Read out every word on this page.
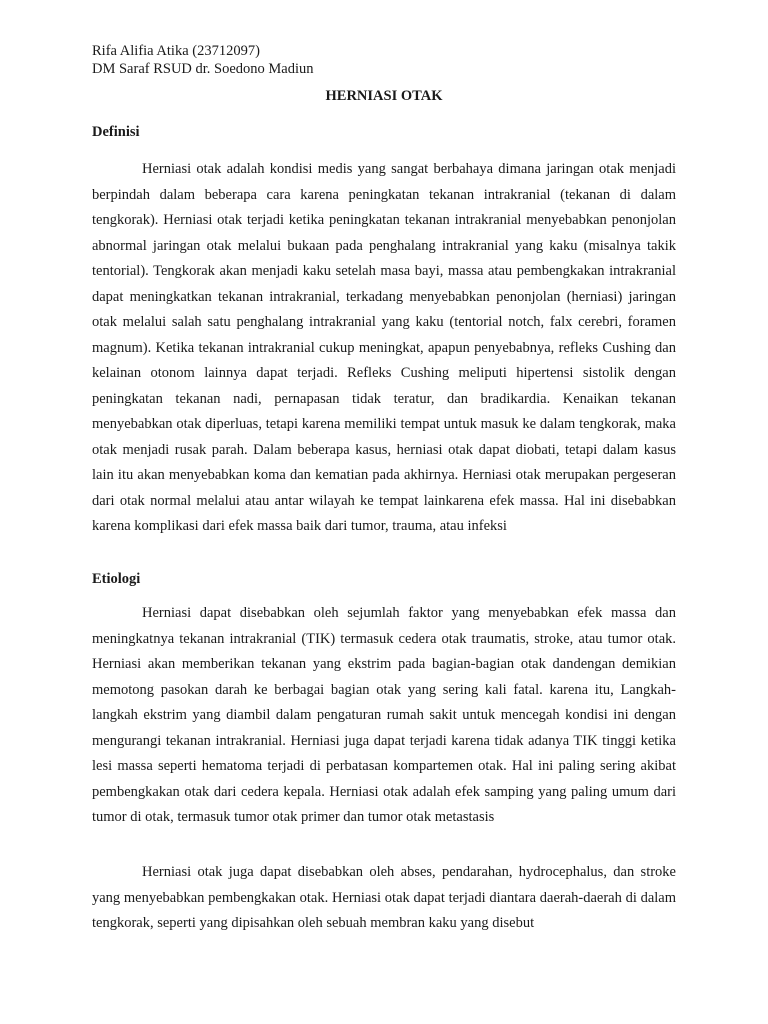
Rifa Alifia Atika (23712097)
DM Saraf RSUD dr. Soedono Madiun
HERNIASI OTAK
Definisi

Herniasi otak adalah kondisi medis yang sangat berbahaya dimana jaringan otak menjadi berpindah dalam beberapa cara karena peningkatan tekanan intrakranial (tekanan di dalam tengkorak). Herniasi otak terjadi ketika peningkatan tekanan intrakranial menyebabkan penonjolan abnormal jaringan otak melalui bukaan pada penghalang intrakranial yang kaku (misalnya takik tentorial). Tengkorak akan menjadi kaku setelah masa bayi, massa atau pembengkakan intrakranial dapat meningkatkan tekanan intrakranial, terkadang menyebabkan penonjolan (herniasi) jaringan otak melalui salah satu penghalang intrakranial yang kaku (tentorial notch, falx cerebri, foramen magnum). Ketika tekanan intrakranial cukup meningkat, apapun penyebabnya, refleks Cushing dan kelainan otonom lainnya dapat terjadi. Refleks Cushing meliputi hipertensi sistolik dengan peningkatan tekanan nadi, pernapasan tidak teratur, dan bradikardia. Kenaikan tekanan menyebabkan otak diperluas, tetapi karena memiliki tempat untuk masuk ke dalam tengkorak, maka otak menjadi rusak parah. Dalam beberapa kasus, herniasi otak dapat diobati, tetapi dalam kasus lain itu akan menyebabkan koma dan kematian pada akhirnya. Herniasi otak merupakan pergeseran dari otak normal melalui atau antar wilayah ke tempat lainkarena efek massa. Hal ini disebabkan karena komplikasi dari efek massa baik dari tumor, trauma, atau infeksi

Etiologi

Herniasi dapat disebabkan oleh sejumlah faktor yang menyebabkan efek massa dan meningkatnya tekanan intrakranial (TIK) termasuk cedera otak traumatis, stroke, atau tumor otak. Herniasi akan memberikan tekanan yang ekstrim pada bagian-bagian otak dandengan demikian memotong pasokan darah ke berbagai bagian otak yang sering kali fatal. karena itu, Langkah-langkah ekstrim yang diambil dalam pengaturan rumah sakit untuk mencegah kondisi ini dengan mengurangi tekanan intrakranial. Herniasi juga dapat terjadi karena tidak adanya TIK tinggi ketika lesi massa seperti hematoma terjadi di perbatasan kompartemen otak. Hal ini paling sering akibat pembengkakan otak dari cedera kepala. Herniasi otak adalah efek samping yang paling umum dari tumor di otak, termasuk tumor otak primer dan tumor otak metastasis

Herniasi otak juga dapat disebabkan oleh abses, pendarahan, hydrocephalus, dan stroke yang menyebabkan pembengkakan otak. Herniasi otak dapat terjadi diantara daerah-daerah di dalam tengkorak, seperti yang dipisahkan oleh sebuah membran kaku yang disebut
